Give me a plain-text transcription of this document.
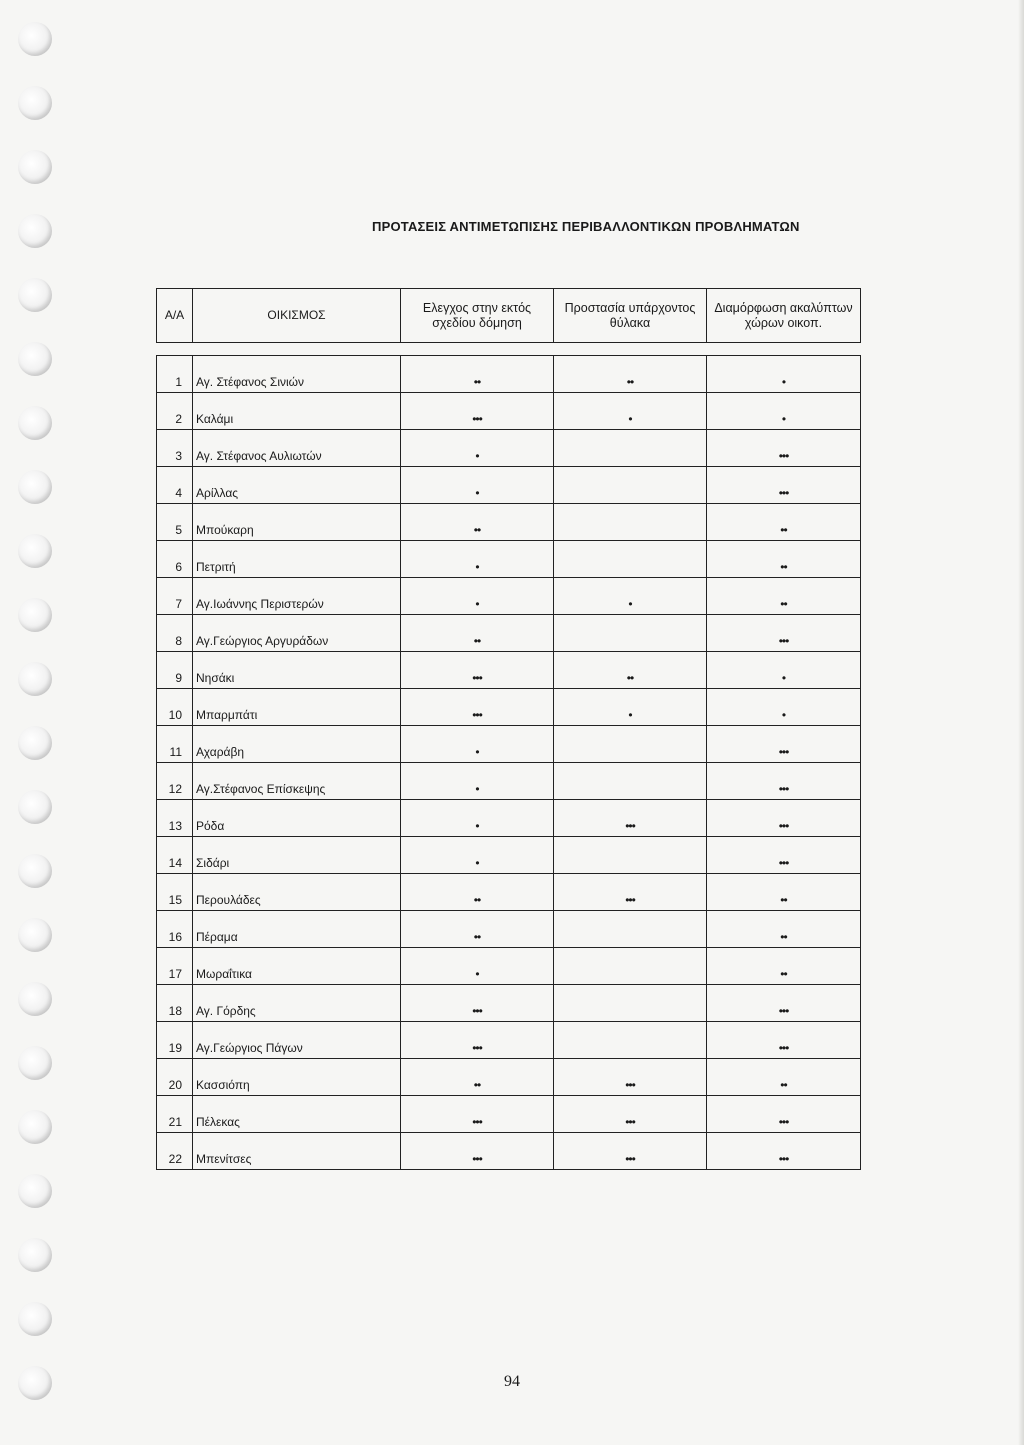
ΠΡΟΤΑΣΕΙΣ ΑΝΤΙΜΕΤΩΠΙΣΗΣ ΠΕΡΙΒΑΛΛΟΝΤΙΚΩΝ ΠΡΟΒΛΗΜΑΤΩΝ
Α/Α	ΟΙΚΙΣΜΟΣ	Ελεγχος στην εκτός σχεδίου δόμηση	Προστασία υπάρχοντος θύλακα	Διαμόρφωση ακαλύπτων χώρων οικοπ.

1	Αγ. Στέφανος Σινιών	••	••	•
2	Καλάμι	•••	•	•
3	Αγ. Στέφανος Αυλιωτών	•		•••
4	Αρίλλας	•		•••
5	Μπούκαρη	••		••
6	Πετριτή	•		••
7	Αγ.Ιωάννης Περιστερών	•	•	••
8	Αγ.Γεώργιος Αργυράδων	••		•••
9	Νησάκι	•••	••	•
10	Μπαρμπάτι	•••	•	•
11	Αχαράβη	•		•••
12	Αγ.Στέφανος Επίσκεψης	•		•••
13	Ρόδα	•	•••	•••
14	Σιδάρι	•		•••
15	Περουλάδες	••	•••	••
16	Πέραμα	••		••
17	Μωραΐτικα	•		••
18	Αγ. Γόρδης	•••		•••
19	Αγ.Γεώργιος Πάγων	•••		•••
20	Κασσιόπη	••	•••	••
21	Πέλεκας	•••	•••	•••
22	Μπενίτσες	•••	•••	•••
94
